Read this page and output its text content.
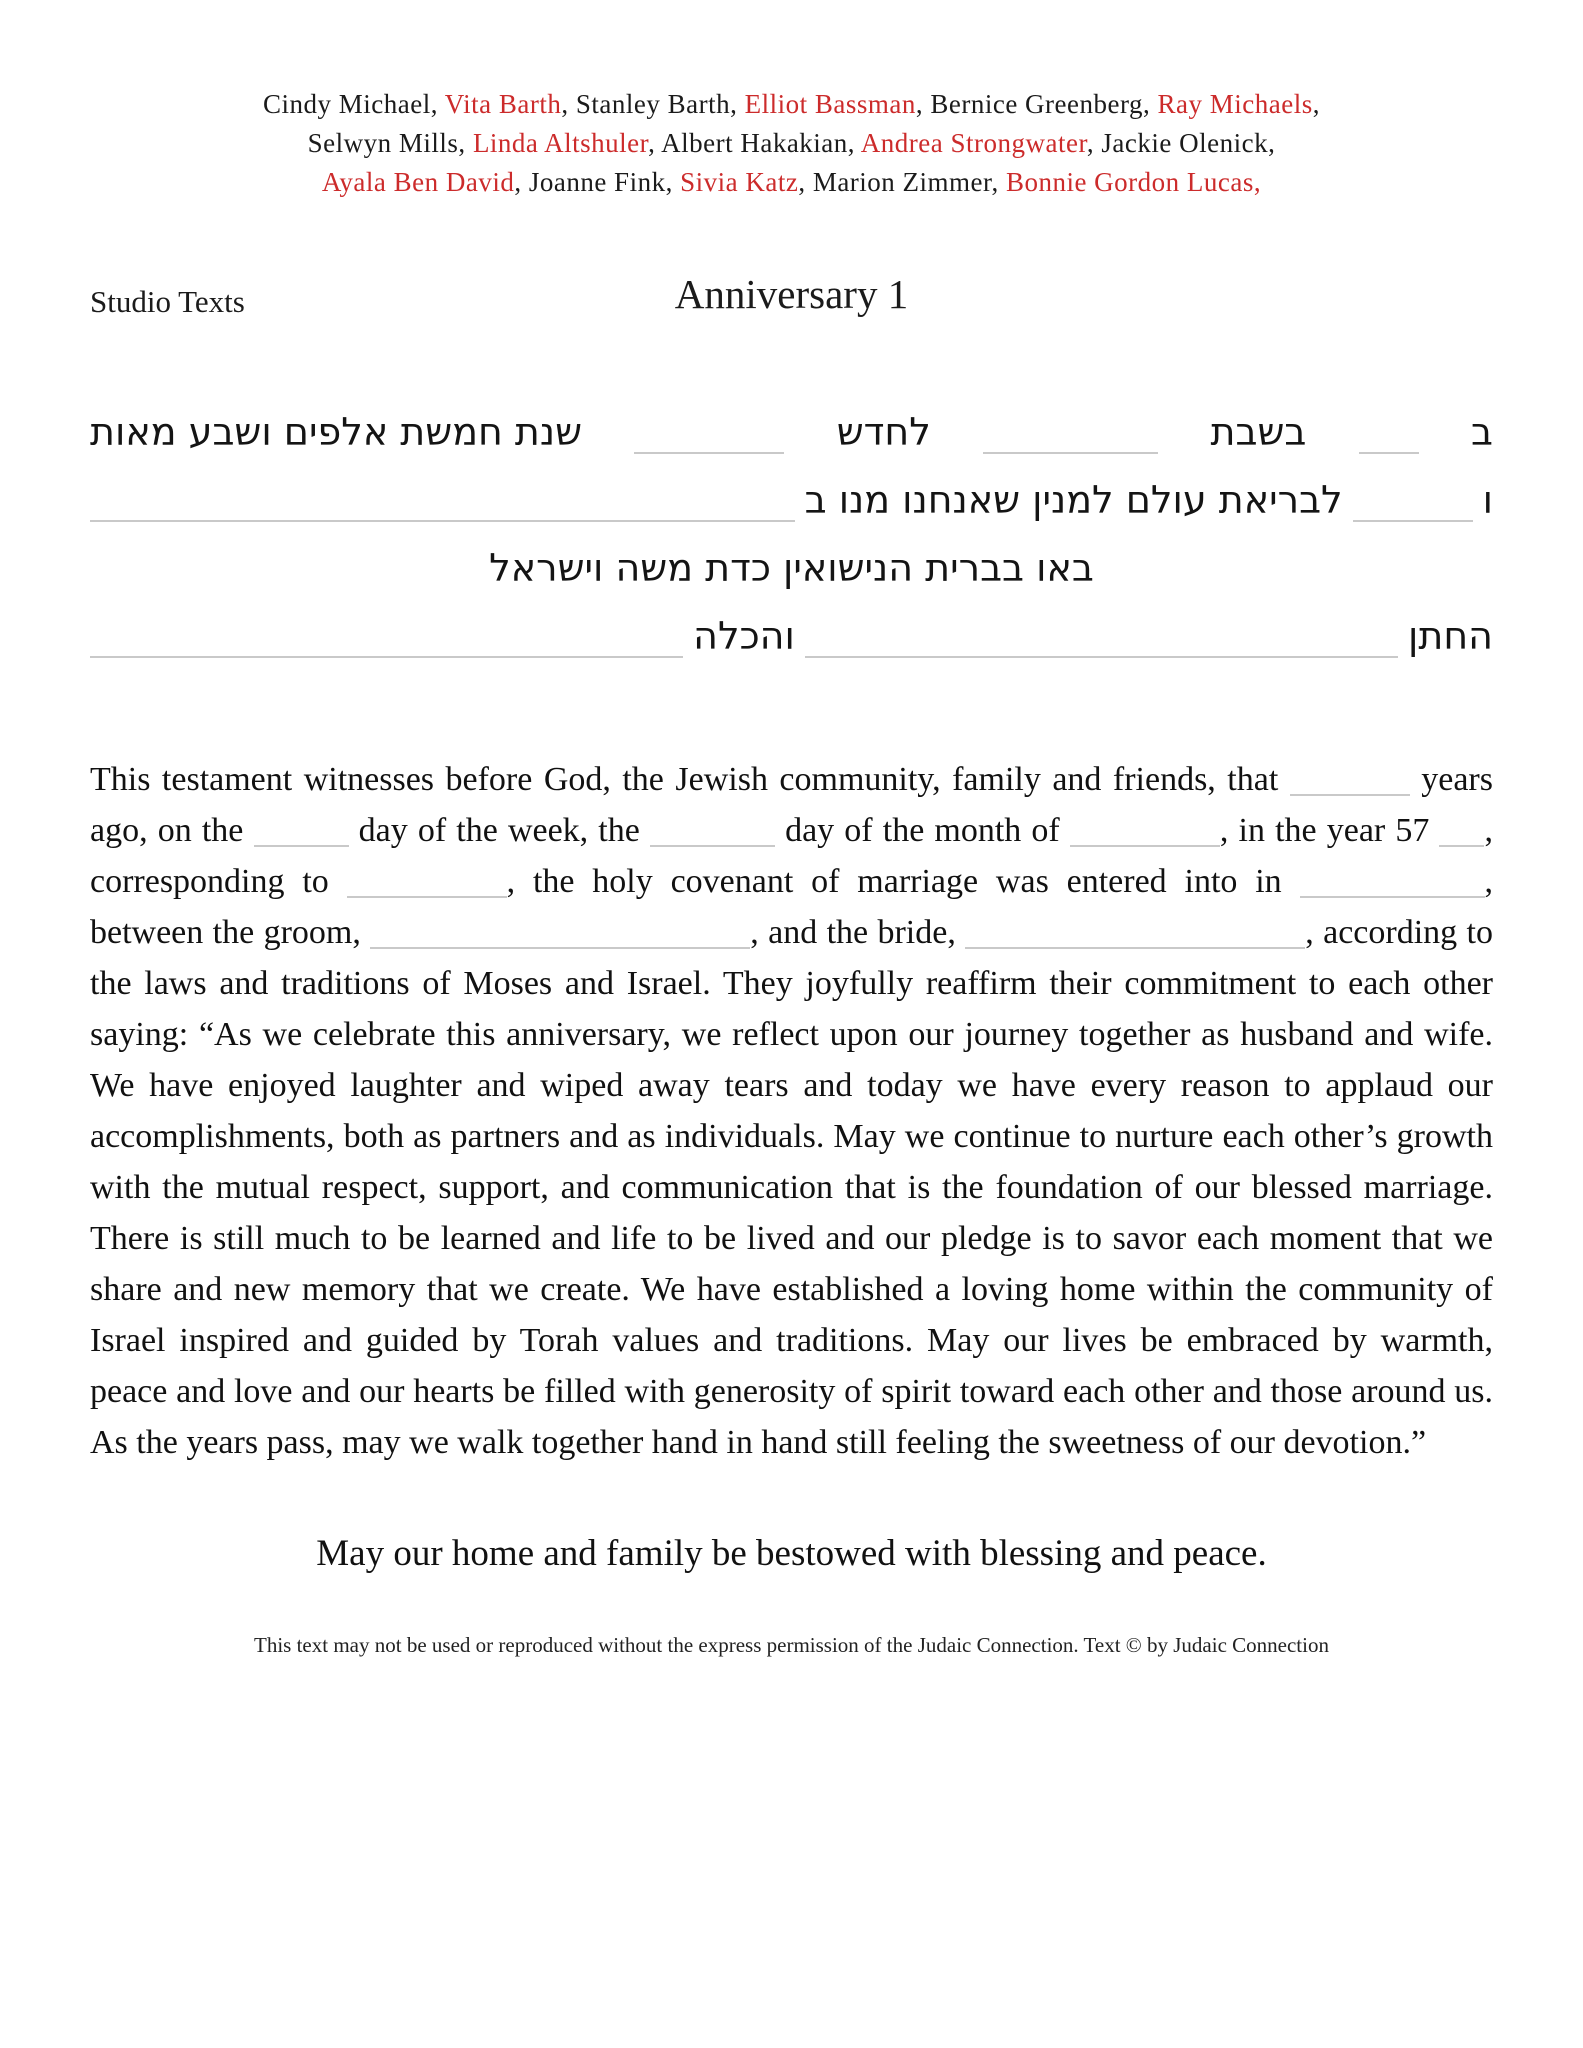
Cindy Michael, Vita Barth, Stanley Barth, Elliot Bassman, Bernice Greenberg, Ray Michaels,
Selwyn Mills, Linda Altshuler, Albert Hakakian, Andrea Strongwater, Jackie Olenick,
Ayala Ben David, Joanne Fink, Sivia Katz, Marion Zimmer, Bonnie Gordon Lucas,
Studio Texts	Anniversary 1
ב
בשבת
לחדש
שנת חמשת אלפים ושבע מאות
ו
לבריאת עולם למנין שאנחנו מנו ב
באו בברית הנישואין כדת משה וישראל
החתן
והכלה

This testament witnesses before God, the Jewish community, family and friends, that	years ago, on the	day of the week, the	day of the month of	, in the year 57 , corresponding to	, the holy covenant of marriage was entered into in	, between the groom,	, and the bride,	, according to the laws and traditions of Moses and Israel. They joyfully reaffirm their commitment to each other saying: “As we celebrate this anniversary, we reflect upon our journey together as husband and wife. We have enjoyed laughter and wiped away tears and today we have every reason to applaud our accomplishments, both as partners and as individuals. May we continue to nurture each other’s growth with the mutual respect, support, and communication that is the foundation of our blessed marriage. There is still much to be learned and life to be lived and our pledge is to savor each moment that we share and new memory that we create. We have established a loving home within the community of Israel inspired and guided by Torah values and traditions. May our lives be embraced by warmth, peace and love and our hearts be filled with generosity of spirit toward each other and those around us. As the years pass, may we walk together hand in hand still feeling the sweetness of our devotion.”

May our home and family be bestowed with blessing and peace.
This text may not be used or reproduced without the express permission of the Judaic Connection. Text © by Judaic Connection
